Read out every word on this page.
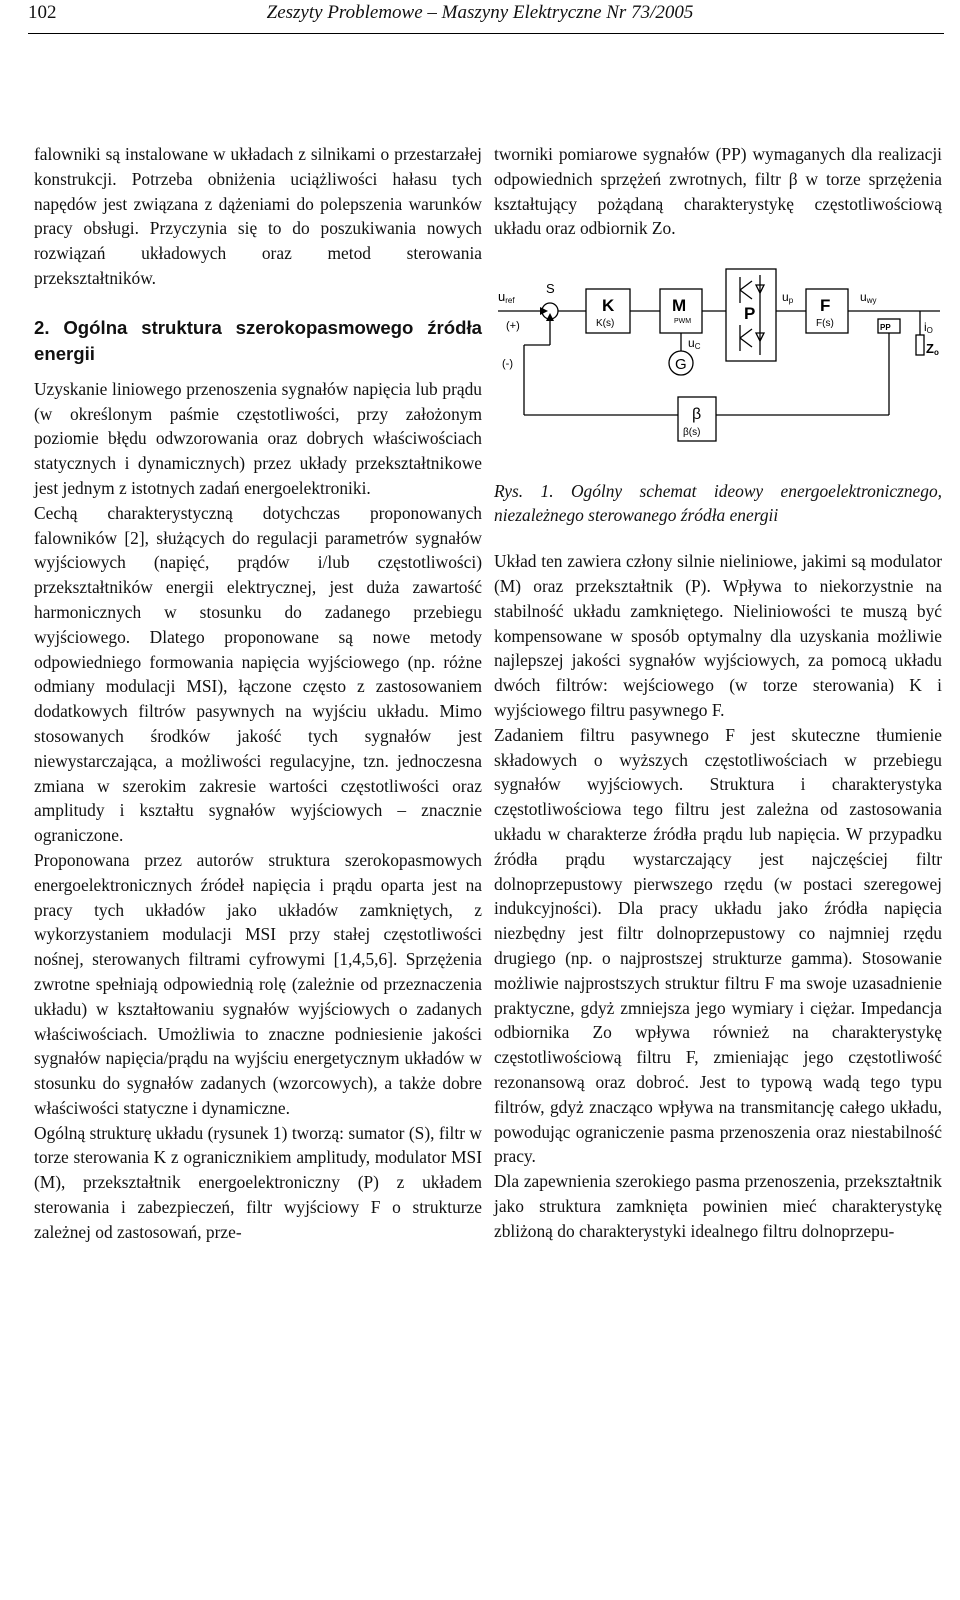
102	Zeszyty Problemowe – Maszyny Elektryczne Nr 73/2005

falowniki są instalowane w układach z silnikami o przestarzałej konstrukcji. Potrzeba obniżenia uciążliwości hałasu tych napędów jest związana z dążeniami do polepszenia warunków pracy obsługi. Przyczynia się to do poszukiwania nowych rozwiązań układowych oraz metod sterowania przekształtników.

2. Ogólna struktura szerokopasmowego źródła energii

Uzyskanie liniowego przenoszenia sygnałów napięcia lub prądu (w określonym paśmie częstotliwości, przy założonym poziomie błędu odwzorowania oraz dobrych właściwościach statycznych i dynamicznych) przez układy przekształtnikowe jest jednym z istotnych zadań energoelektroniki.

Cechą charakterystyczną dotychczas proponowanych falowników [2], służących do regulacji parametrów sygnałów wyjściowych (napięć, prądów i/lub częstotliwości) przekształtników energii elektrycznej, jest duża zawartość harmonicznych w stosunku do zadanego przebiegu wyjściowego. Dlatego proponowane są nowe metody odpowiedniego formowania napięcia wyjściowego (np. różne odmiany modulacji MSI), łączone często z zastosowaniem dodatkowych filtrów pasywnych na wyjściu układu. Mimo stosowanych środków jakość tych sygnałów jest niewystarczająca, a możliwości regulacyjne, tzn. jednoczesna zmiana w szerokim zakresie wartości częstotliwości oraz amplitudy i kształtu sygnałów wyjściowych – znacznie ograniczone.

Proponowana przez autorów struktura szerokopasmowych energoelektronicznych źródeł napięcia i prądu oparta jest na pracy tych układów jako układów zamkniętych, z wykorzystaniem modulacji MSI przy stałej częstotliwości nośnej, sterowanych filtrami cyfrowymi [1,4,5,6]. Sprzężenia zwrotne spełniają odpowiednią rolę (zależnie od przeznaczenia układu) w kształtowaniu sygnałów wyjściowych o zadanych właściwościach. Umożliwia to znaczne podniesienie jakości sygnałów napięcia/prądu na wyjściu energetycznym układów w stosunku do sygnałów zadanych (wzorcowych), a także dobre właściwości statyczne i dynamiczne.

Ogólną strukturę układu (rysunek 1) tworzą: sumator (S), filtr w torze sterowania K z ogranicznikiem amplitudy, modulator MSI (M), przekształtnik energoelektroniczny (P) z układem sterowania i zabezpieczeń, filtr wyjściowy F o strukturze zależnej od zastosowań, prze-

tworniki pomiarowe sygnałów (PP) wymaganych dla realizacji odpowiednich sprzężeń zwrotnych, filtr β w torze sprzężenia kształtujący pożądaną charakterystykę częstotliwościową układu oraz odbiornik Zo.

uref
(+)
(-)
S
K
K(s)
M
PWM
uC
G
P
up F
F(s)
uwy
PP	iO
Zo
β
β(s)

Rys. 1. Ogólny schemat ideowy energoelektronicznego, niezależnego sterowanego źródła energii

Układ ten zawiera człony silnie nieliniowe, jakimi są modulator (M) oraz przekształtnik (P). Wpływa to niekorzystnie na stabilność układu zamkniętego. Nieliniowości te muszą być kompensowane w sposób optymalny dla uzyskania możliwie najlepszej jakości sygnałów wyjściowych, za pomocą układu dwóch filtrów: wejściowego (w torze sterowania) K i wyjściowego filtru pasywnego F.

Zadaniem filtru pasywnego F jest skuteczne tłumienie składowych o wyższych częstotliwościach w przebiegu sygnałów wyjściowych. Struktura i charakterystyka częstotliwościowa tego filtru jest zależna od zastosowania układu w charakterze źródła prądu lub napięcia. W przypadku źródła prądu wystarczający jest najczęściej filtr dolnoprzepustowy pierwszego rzędu (w postaci szeregowej indukcyjności). Dla pracy układu jako źródła napięcia niezbędny jest filtr dolnoprzepustowy co najmniej rzędu drugiego (np. o najprostszej strukturze gamma). Stosowanie możliwie najprostszych struktur filtru F ma swoje uzasadnienie praktyczne, gdyż zmniejsza jego wymiary i ciężar. Impedancja odbiornika Zo wpływa również na charakterystykę częstotliwościową filtru F, zmieniając jego częstotliwość rezonansową oraz dobroć. Jest to typową wadą tego typu filtrów, gdyż znacząco wpływa na transmitancję całego układu, powodując ograniczenie pasma przenoszenia oraz niestabilność pracy.

Dla zapewnienia szerokiego pasma przenoszenia, przekształtnik jako struktura zamknięta powinien mieć charakterystykę zbliżoną do charakterystyki idealnego filtru dolnoprzepu-
